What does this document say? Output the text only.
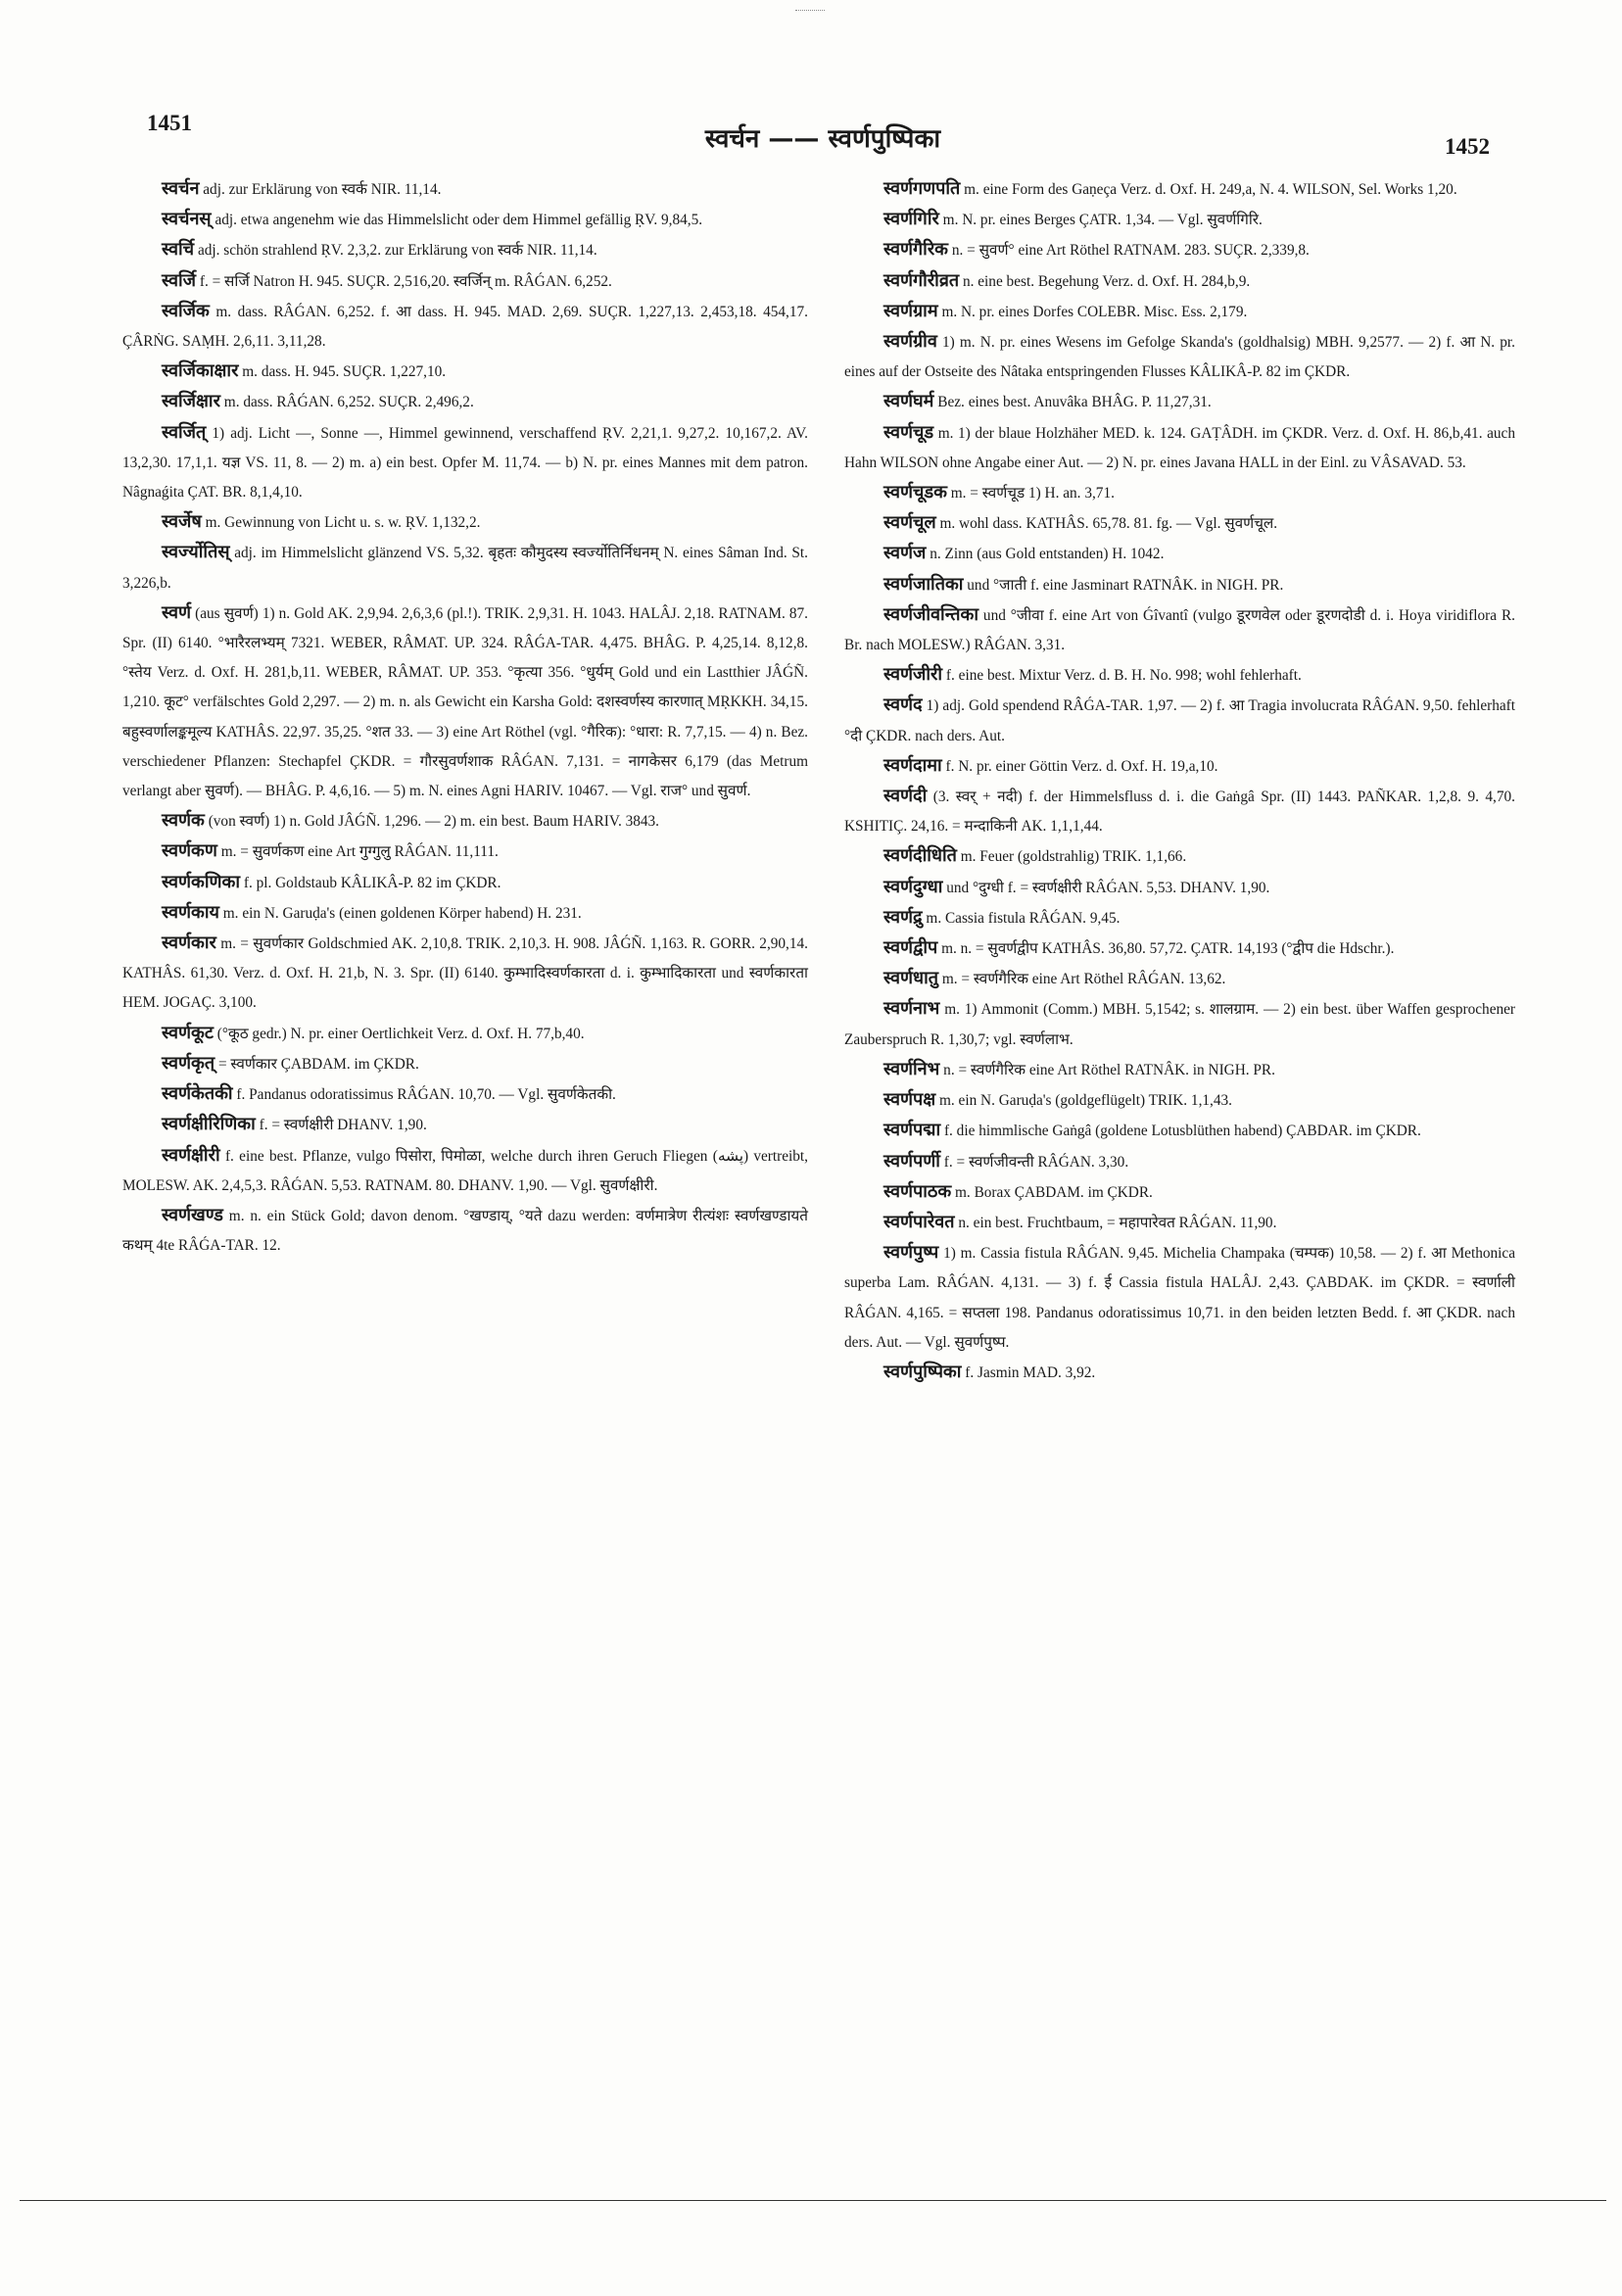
1451
स्वर्चन —— स्वर्णपुष्पिका	1452

स्वर्चन adj. zur Erklärung von स्वर्क NIR. 11,14.

स्वर्चनस् adj. etwa angenehm wie das Himmelslicht oder dem Himmel gefällig ṚV. 9,84,5.

स्वर्चि adj. schön strahlend ṚV. 2,3,2. zur Erklärung von स्वर्क NIR. 11,14.

स्वर्जि f. = सर्जि Natron H. 945. SUÇR. 2,516,20. स्वर्जिन् m. RÂǴAN. 6,252.

स्वर्जिक m. dass. RÂǴAN. 6,252. f. आ dass. H. 945. MAD. 2,69. SUÇR. 1,227,13. 2,453,18. 454,17. ÇÂRṄG. SAṂH. 2,6,11. 3,11,28.

स्वर्जिकाक्षार m. dass. H. 945. SUÇR. 1,227,10.

स्वर्जिक्षार m. dass. RÂǴAN. 6,252. SUÇR. 2,496,2.

स्वर्जित् 1) adj. Licht —, Sonne —, Himmel gewinnend, verschaffend ṚV. 2,21,1. 9,27,2. 10,167,2. AV. 13,2,30. 17,1,1. यज्ञ VS. 11, 8. — 2) m. a) ein best. Opfer M. 11,74. — b) N. pr. eines Mannes mit dem patron. Nâgnaǵita ÇAT. BR. 8,1,4,10.

स्वर्जेष m. Gewinnung von Licht u. s. w. ṚV. 1,132,2.

स्वर्ज्योतिस् adj. im Himmelslicht glänzend VS. 5,32. बृहतः कौमुदस्य स्वर्ज्योतिर्निधनम् N. eines Sâman Ind. St. 3,226,b.

स्वर्ण (aus सुवर्ण) 1) n. Gold AK. 2,9,94. 2,6,3,6 (pl.!). TRIK. 2,9,31. H. 1043. HALÂJ. 2,18. RATNAM. 87. Spr. (II) 6140. °भारैरलभ्यम् 7321. WEBER, RÂMAT. UP. 324. RÂǴA-TAR. 4,475. BHÂG. P. 4,25,14. 8,12,8. °स्तेय Verz. d. Oxf. H. 281,b,11. WEBER, RÂMAT. UP. 353. °कृत्या 356. °धुर्यम् Gold und ein Lastthier JÂǴÑ. 1,210. कूट° verfälschtes Gold 2,297. — 2) m. n. als Gewicht ein Karsha Gold: दशस्वर्णस्य कारणात् MṚKKH. 34,15. बहुस्वर्णालङ्कमूल्य KATHÂS. 22,97. 35,25. °शत 33. — 3) eine Art Röthel (vgl. °गैरिक): °धारा: R. 7,7,15. — 4) n. Bez. verschiedener Pflanzen: Stechapfel ÇKDR. = गौरसुवर्णशाक RÂǴAN. 7,131. = नागकेसर 6,179 (das Metrum verlangt aber सुवर्ण). — BHÂG. P. 4,6,16. — 5) m. N. eines Agni HARIV. 10467. — Vgl. राज° und सुवर्ण.

स्वर्णक (von स्वर्ण) 1) n. Gold JÂǴÑ. 1,296. — 2) m. ein best. Baum HARIV. 3843.

स्वर्णकण m. = सुवर्णकण eine Art गुग्गुलु RÂǴAN. 11,111.

स्वर्णकणिका f. pl. Goldstaub KÂLIKÂ-P. 82 im ÇKDR.

स्वर्णकाय m. ein N. Garuḍa's (einen goldenen Körper habend) H. 231.

स्वर्णकार m. = सुवर्णकार Goldschmied AK. 2,10,8. TRIK. 2,10,3. H. 908. JÂǴÑ. 1,163. R. GORR. 2,90,14. KATHÂS. 61,30. Verz. d. Oxf. H. 21,b, N. 3. Spr. (II) 6140. कुम्भादिस्वर्णकारता d. i. कुम्भादिकारता und स्वर्णकारता HEM. JOGAÇ. 3,100.

स्वर्णकूट (°कूठ gedr.) N. pr. einer Oertlichkeit Verz. d. Oxf. H. 77,b,40.

स्वर्णकृत् = स्वर्णकार ÇABDAM. im ÇKDR.

स्वर्णकेतकी f. Pandanus odoratissimus RÂǴAN. 10,70. — Vgl. सुवर्णकेतकी.

स्वर्णक्षीरिणिका f. = स्वर्णक्षीरी DHANV. 1,90.

स्वर्णक्षीरी f. eine best. Pflanze, vulgo पिसोरा, पिमोळा, welche durch ihren Geruch Fliegen (پشه) vertreibt, MOLESW. AK. 2,4,5,3. RÂǴAN. 5,53. RATNAM. 80. DHANV. 1,90. — Vgl. सुवर्णक्षीरी.

स्वर्णखण्ड m. n. ein Stück Gold; davon denom. °खण्डाय्, °यते dazu werden: वर्णमात्रेण रीत्यंशः स्वर्णखण्डायते कथम् 4te RÂǴA-TAR. 12.

स्वर्णगणपति m. eine Form des Gaṇeça Verz. d. Oxf. H. 249,a, N. 4. WILSON, Sel. Works 1,20.

स्वर्णगिरि m. N. pr. eines Berges ÇATR. 1,34. — Vgl. सुवर्णगिरि.

स्वर्णगैरिक n. = सुवर्ण° eine Art Röthel RATNAM. 283. SUÇR. 2,339,8.

स्वर्णगौरीव्रत n. eine best. Begehung Verz. d. Oxf. H. 284,b,9.

स्वर्णग्राम m. N. pr. eines Dorfes COLEBR. Misc. Ess. 2,179.

स्वर्णग्रीव 1) m. N. pr. eines Wesens im Gefolge Skanda's (goldhalsig) MBH. 9,2577. — 2) f. आ N. pr. eines auf der Ostseite des Nâtaka entspringenden Flusses KÂLIKÂ-P. 82 im ÇKDR.

स्वर्णघर्म Bez. eines best. Anuvâka BHÂG. P. 11,27,31.

स्वर्णचूड m. 1) der blaue Holzhäher MED. k. 124. GAṬÂDH. im ÇKDR. Verz. d. Oxf. H. 86,b,41. auch Hahn WILSON ohne Angabe einer Aut. — 2) N. pr. eines Javana HALL in der Einl. zu VÂSAVAD. 53.

स्वर्णचूडक m. = स्वर्णचूड 1) H. an. 3,71.

स्वर्णचूल m. wohl dass. KATHÂS. 65,78. 81. fg. — Vgl. सुवर्णचूल.

स्वर्णज n. Zinn (aus Gold entstanden) H. 1042.

स्वर्णजातिका und °जाती f. eine Jasminart RATNÂK. in NIGH. PR.

स्वर्णजीवन्तिका und °जीवा f. eine Art von Ǵîvantî (vulgo डूरणवेल oder डूरणदोडी d. i. Hoya viridiflora R. Br. nach MOLESW.) RÂǴAN. 3,31.

स्वर्णजीरी f. eine best. Mixtur Verz. d. B. H. No. 998; wohl fehlerhaft.

स्वर्णद 1) adj. Gold spendend RÂǴA-TAR. 1,97. — 2) f. आ Tragia involucrata RÂǴAN. 9,50. fehlerhaft °दी ÇKDR. nach ders. Aut.

स्वर्णदामा f. N. pr. einer Göttin Verz. d. Oxf. H. 19,a,10.

स्वर्णदी (3. स्वर् + नदी) f. der Himmelsfluss d. i. die Gaṅgâ Spr. (II) 1443. PAÑKAR. 1,2,8. 9. 4,70. KSHITIÇ. 24,16. = मन्दाकिनी AK. 1,1,1,44.

स्वर्णदीधिति m. Feuer (goldstrahlig) TRIK. 1,1,66.

स्वर्णदुग्धा und °दुग्धी f. = स्वर्णक्षीरी RÂǴAN. 5,53. DHANV. 1,90.

स्वर्णद्रु m. Cassia fistula RÂǴAN. 9,45.

स्वर्णद्वीप m. n. = सुवर्णद्वीप KATHÂS. 36,80. 57,72. ÇATR. 14,193 (°द्वीप die Hdschr.).

स्वर्णधातु m. = स्वर्णगैरिक eine Art Röthel RÂǴAN. 13,62.

स्वर्णनाभ m. 1) Ammonit (Comm.) MBH. 5,1542; s. शालग्राम. — 2) ein best. über Waffen gesprochener Zauberspruch R. 1,30,7; vgl. स्वर्णलाभ.

स्वर्णनिभ n. = स्वर्णगैरिक eine Art Röthel RATNÂK. in NIGH. PR.

स्वर्णपक्ष m. ein N. Garuḍa's (goldgeflügelt) TRIK. 1,1,43.

स्वर्णपद्मा f. die himmlische Gaṅgâ (goldene Lotusblüthen habend) ÇABDAR. im ÇKDR.

स्वर्णपर्णी f. = स्वर्णजीवन्ती RÂǴAN. 3,30.

स्वर्णपाठक m. Borax ÇABDAM. im ÇKDR.

स्वर्णपारेवत n. ein best. Fruchtbaum, = महापारेवत RÂǴAN. 11,90.

स्वर्णपुष्प 1) m. Cassia fistula RÂǴAN. 9,45. Michelia Champaka (चम्पक) 10,58. — 2) f. आ Methonica superba Lam. RÂǴAN. 4,131. — 3) f. ई Cassia fistula HALÂJ. 2,43. ÇABDAK. im ÇKDR. = स्वर्णाली RÂǴAN. 4,165. = सप्तला 198. Pandanus odoratissimus 10,71. in den beiden letzten Bedd. f. आ ÇKDR. nach ders. Aut. — Vgl. सुवर्णपुष्प.

स्वर्णपुष्पिका f. Jasmin MAD. 3,92.
